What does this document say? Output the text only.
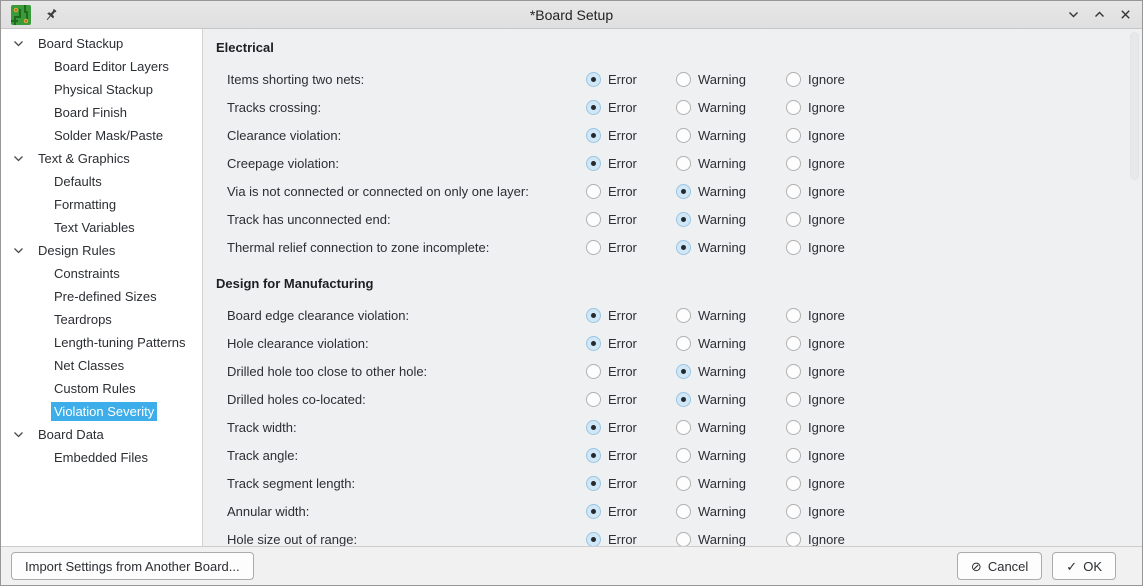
*Board Setup
Board Stackup
Board Editor Layers
Physical Stackup
Board Finish
Solder Mask/Paste
Text & Graphics
Defaults
Formatting
Text Variables
Design Rules
Constraints
Pre-defined Sizes
Teardrops
Length-tuning Patterns
Net Classes
Custom Rules
Violation Severity
Board Data
Embedded Files
Electrical
Items shorting two nets:	Error	Warning	Ignore
Tracks crossing:	Error	Warning	Ignore
Clearance violation:	Error	Warning	Ignore
Creepage violation:	Error	Warning	Ignore
Via is not connected or connected on only one layer:	Error	Warning	Ignore
Track has unconnected end:	Error	Warning	Ignore
Thermal relief connection to zone incomplete:	Error	Warning	Ignore
Design for Manufacturing
Board edge clearance violation:	Error	Warning	Ignore
Hole clearance violation:	Error	Warning	Ignore
Drilled hole too close to other hole:	Error	Warning	Ignore
Drilled holes co-located:	Error	Warning	Ignore
Track width:	Error	Warning	Ignore
Track angle:	Error	Warning	Ignore
Track segment length:	Error	Warning	Ignore
Annular width:	Error	Warning	Ignore
Hole size out of range:	Error	Warning	Ignore
Import Settings from Another Board...	⊘ Cancel	✓ OK
